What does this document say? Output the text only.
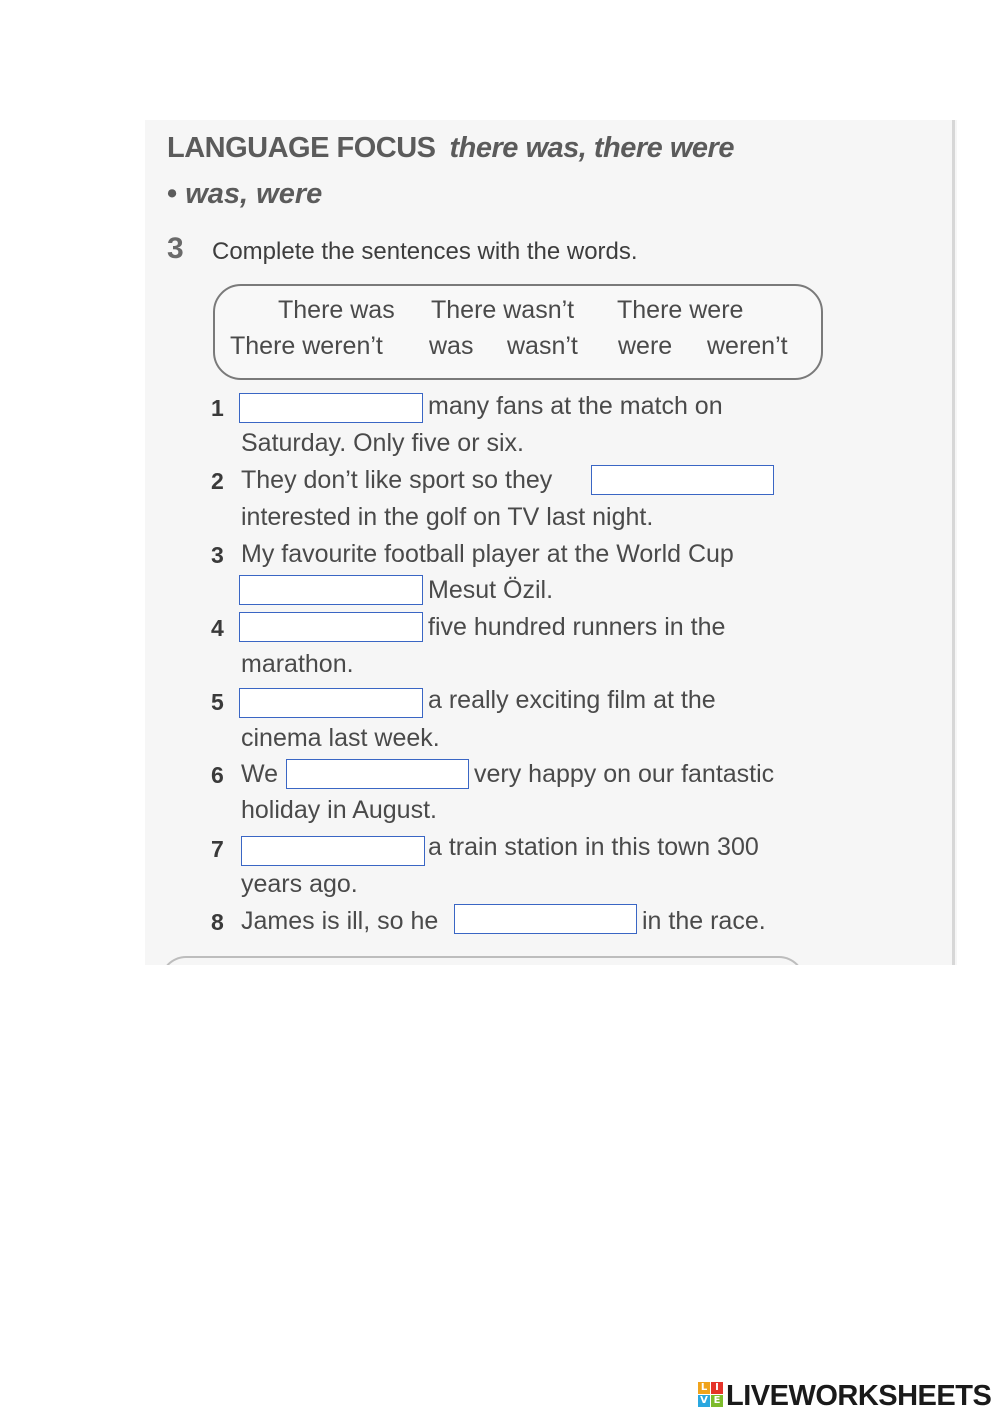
LANGUAGE FOCUS there was, there were
• was, were
3 Complete the sentences with the words.
There was There wasn’t There were
There weren’t was wasn’t were weren’t
1	many fans at the match on
Saturday. Only five or six.
2 They don’t like sport so they
interested in the golf on TV last night.
3 My favourite football player at the World Cup
Mesut Özil.
4	five hundred runners in the
marathon.
5	a really exciting film at the
cinema last week.
6 We	very happy on our fantastic
holiday in August.
7	a train station in this town 300
years ago.
8 James is ill, so he	in the race.
L I
V E LIVEWORKSHEETS
